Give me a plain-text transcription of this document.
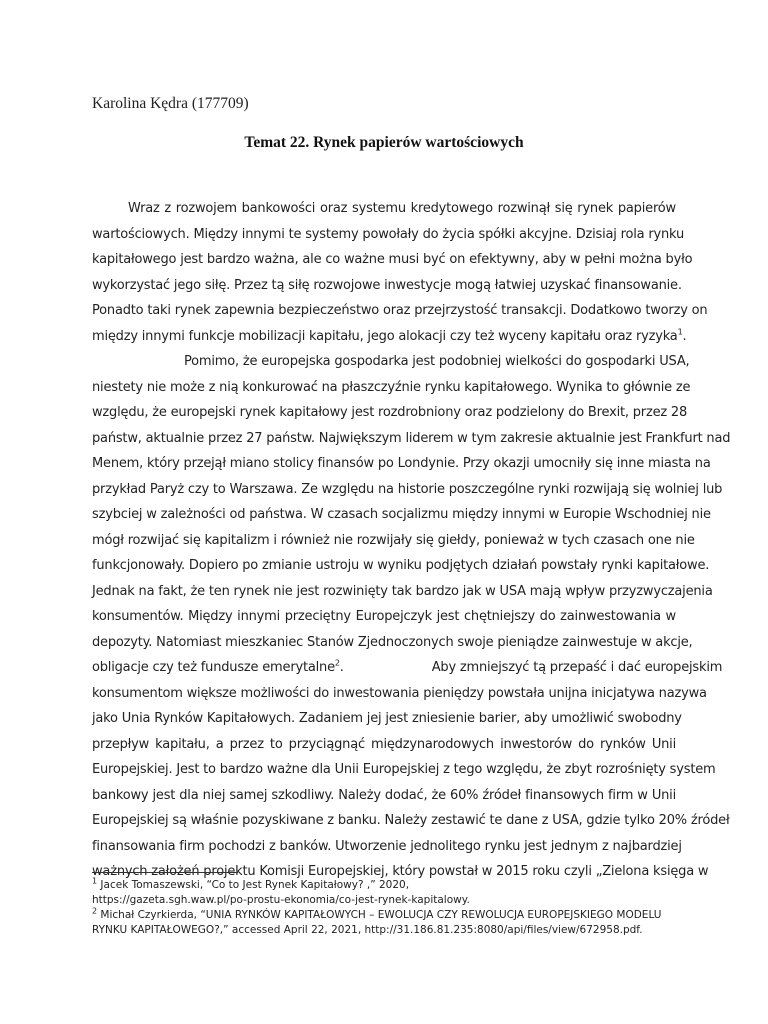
Karolina Kędra (177709)
Temat 22. Rynek papierów wartościowych
Wraz z rozwojem bankowości oraz systemu kredytowego rozwinął się rynek papierów
wartościowych. Między innymi te systemy powołały do życia spółki akcyjne. Dzisiaj rola rynku
kapitałowego jest bardzo ważna, ale co ważne musi być on efektywny, aby w pełni można było
wykorzystać jego siłę. Przez tą siłę rozwojowe inwestycje mogą łatwiej uzyskać finansowanie.
Ponadto taki rynek zapewnia bezpieczeństwo oraz przejrzystość transakcji. Dodatkowo tworzy on
między innymi funkcje mobilizacji kapitału, jego alokacji czy też wyceny kapitału oraz ryzyka$^1$.
Pomimo, że europejska gospodarka jest podobniej wielkości do gospodarki USA,
niestety nie może z nią konkurować na płaszczyźnie rynku kapitałowego. Wynika to głównie ze
względu, że europejski rynek kapitałowy jest rozdrobniony oraz podzielony do Brexit, przez 28
państw, aktualnie przez 27 państw. Największym liderem w tym zakresie aktualnie jest Frankfurt nad
Menem, który przejął miano stolicy finansów po Londynie. Przy okazji umocniły się inne miasta na
przykład Paryż czy to Warszawa. Ze względu na historie poszczególne rynki rozwijają się wolniej lub
szybciej w zależności od państwa. W czasach socjalizmu między innymi w Europie Wschodniej nie
mógł rozwijać się kapitalizm i również nie rozwijały się giełdy, ponieważ w tych czasach one nie
funkcjonowały. Dopiero po zmianie ustroju w wyniku podjętych działań powstały rynki kapitałowe.
Jednak na fakt, że ten rynek nie jest rozwinięty tak bardzo jak w USA mają wpływ przyzwyczajenia
konsumentów. Między innymi przeciętny Europejczyk jest chętniejszy do zainwestowania w
depozyty. Natomiast mieszkaniec Stanów Zjednoczonych swoje pieniądze zainwestuje w akcje,
obligacje czy też fundusze emerytalne$^2$.	Aby zmniejszyć tą przepaść i dać europejskim
konsumentom większe możliwości do inwestowania pieniędzy powstała unijna inicjatywa nazywa
jako Unia Rynków Kapitałowych. Zadaniem jej jest zniesienie barier, aby umożliwić swobodny
przepływ kapitału, a przez to przyciągnąć międzynarodowych inwestorów do rynków Unii
Europejskiej. Jest to bardzo ważne dla Unii Europejskiej z tego względu, że zbyt rozrośnięty system
bankowy jest dla niej samej szkodliwy. Należy dodać, że 60% źródeł finansowych firm w Unii
Europejskiej są właśnie pozyskiwane z banku. Należy zestawić te dane z USA, gdzie tylko 20% źródeł
finansowania firm pochodzi z banków. Utworzenie jednolitego rynku jest jednym z najbardziej
ważnych założeń projektu Komisji Europejskiej, który powstał w 2015 roku czyli „Zielona księga w
$^1$ Jacek Tomaszewski, “Co to Jest Rynek Kapitałowy? ,” 2020,
https://gazeta.sgh.waw.pl/po-prostu-ekonomia/co-jest-rynek-kapitalowy.
$^2$ Michał Czyrkierda, “UNIA RYNKÓW KAPITAŁOWYCH – EWOLUCJA CZY REWOLUCJA EUROPEJSKIEGO MODELU
RYNKU KAPITAŁOWEGO?,” accessed April 22, 2021, http://31.186.81.235:8080/api/files/view/672958.pdf.
